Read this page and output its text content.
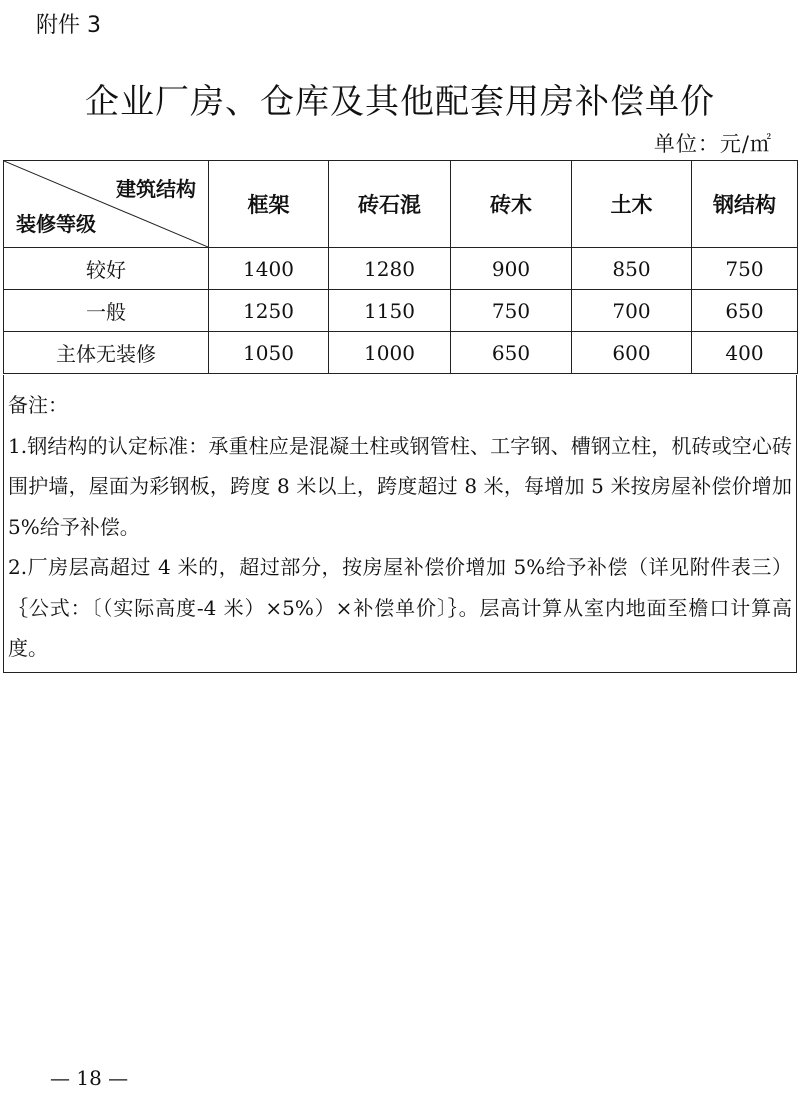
附件 3
企业厂房、仓库及其他配套用房补偿单价
单位：元/㎡
建筑结构
装修等级	框架	砖石混	砖木	土木	钢结构
较好	1400	1280	900	850	750
一般	1250	1150	750	700	650
主体无装修	1050	1000	650	600	400

备注：

1.钢结构的认定标准：承重柱应是混凝土柱或钢管柱、工字钢、槽钢立柱，机砖或空心砖围护墙，屋面为彩钢板，跨度 8 米以上，跨度超过 8 米，每增加 5 米按房屋补偿价增加 5%给予补偿。

2.厂房层高超过 4 米的，超过部分，按房屋补偿价增加 5%给予补偿（详见附件表三）｛公式：〔（实际高度-4 米）×5%）×补偿单价〕｝。层高计算从室内地面至檐口计算高度。

— 18 —
